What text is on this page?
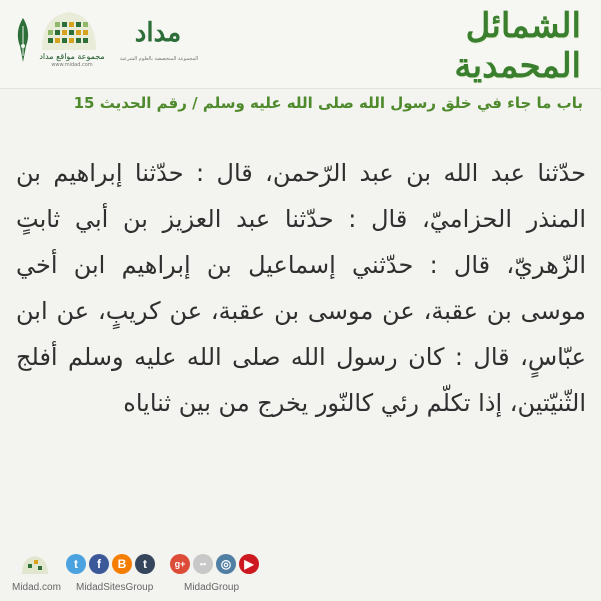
مجموعة مواقع مداد
www.midad.com
مداد
المجموعة المتخصصة بالعلوم الشرعية
الشمائل المحمدية
باب ما جاء في خلق رسول الله صلى الله عليه وسلم / رقم الحديث 15
حدّثنا عبد الله بن عبد الرّحمن، قال : حدّثنا إبراهيم بن المنذر الحزاميّ، قال : حدّثنا عبد العزيز بن أبي ثابتٍ الزّهريّ، قال : حدّثني إسماعيل بن إبراهيم ابن أخي موسى بن عقبة، عن موسى بن عقبة، عن كريبٍ، عن ابن عبّاسٍ، قال : كان رسول الله صلى الله عليه وسلم أفلج الثّنيّتين، إذا تكلّم رئي كالنّور يخرج من بين ثناياه
Midad.com
t	f	B	t
MidadSitesGroup
g+	••	◎	▶
MidadGroup
